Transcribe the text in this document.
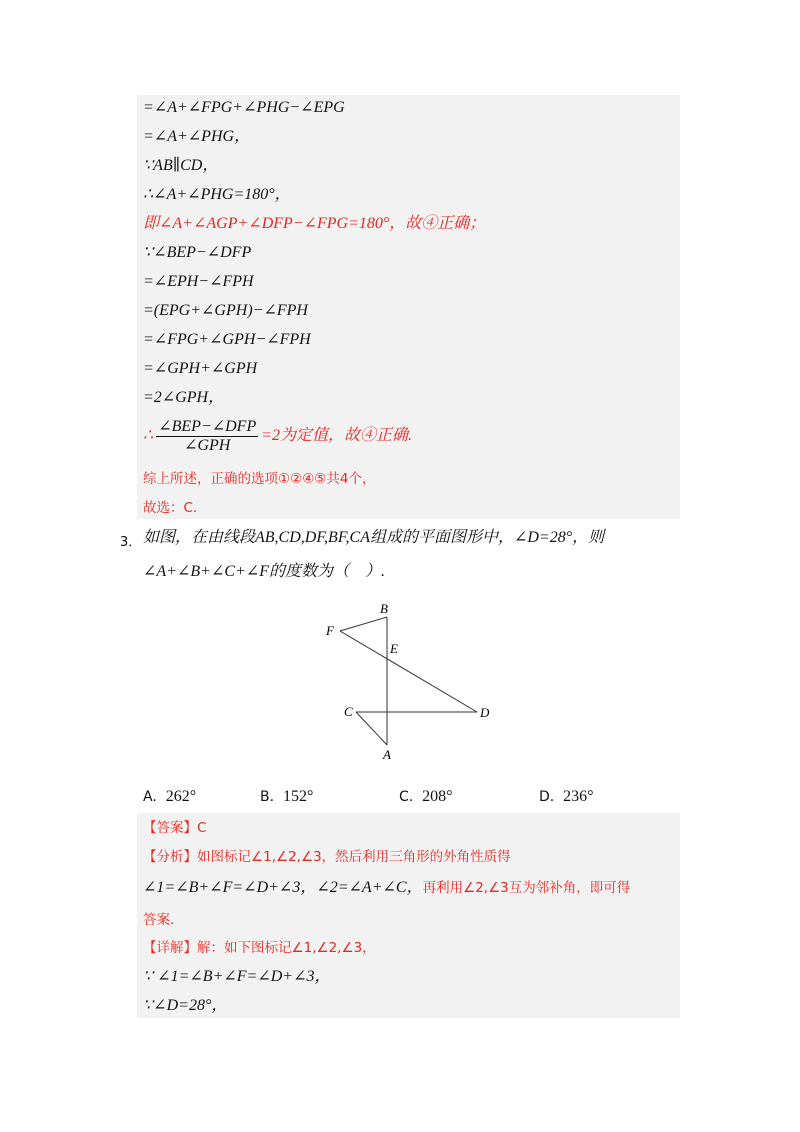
=∠A+∠FPG+∠PHG−∠EPG
=∠A+∠PHG，
∵AB∥CD，
∴∠A+∠PHG=180°，
即∠A+∠AGP+∠DFP−∠FPG=180°，故④正确；
∵∠BEP−∠DFP
=∠EPH−∠FPH
=(EPG+∠GPH)−∠FPH
=∠FPG+∠GPH−∠FPH
=∠GPH+∠GPH
=2∠GPH，
∴ $\frac{\text{∠BEP−∠DFP}}{\text{∠GPH}} =2$为定值，故④正确.
综上所述，正确的选项①②④⑤共4个，
故选：C.
3． 如图，在由线段AB,CD,DF,BF,CA组成的平面图形中，∠D=28°，则
∠A+∠B+∠C+∠F的度数为（　）.
B
F
E
C	D
A
A. 262°	B. 152°	C. 208°	D. 236°
【答案】C
【分析】如图标记∠1,∠2,∠3，然后利用三角形的外角性质得
∠1=∠B+∠F=∠D+∠3，∠2=∠A+∠C，再利用∠2,∠3互为邻补角，即可得
答案.
【详解】解：如下图标记∠1,∠2,∠3，
∵ ∠1=∠B+∠F=∠D+∠3，
∵∠D=28°，
